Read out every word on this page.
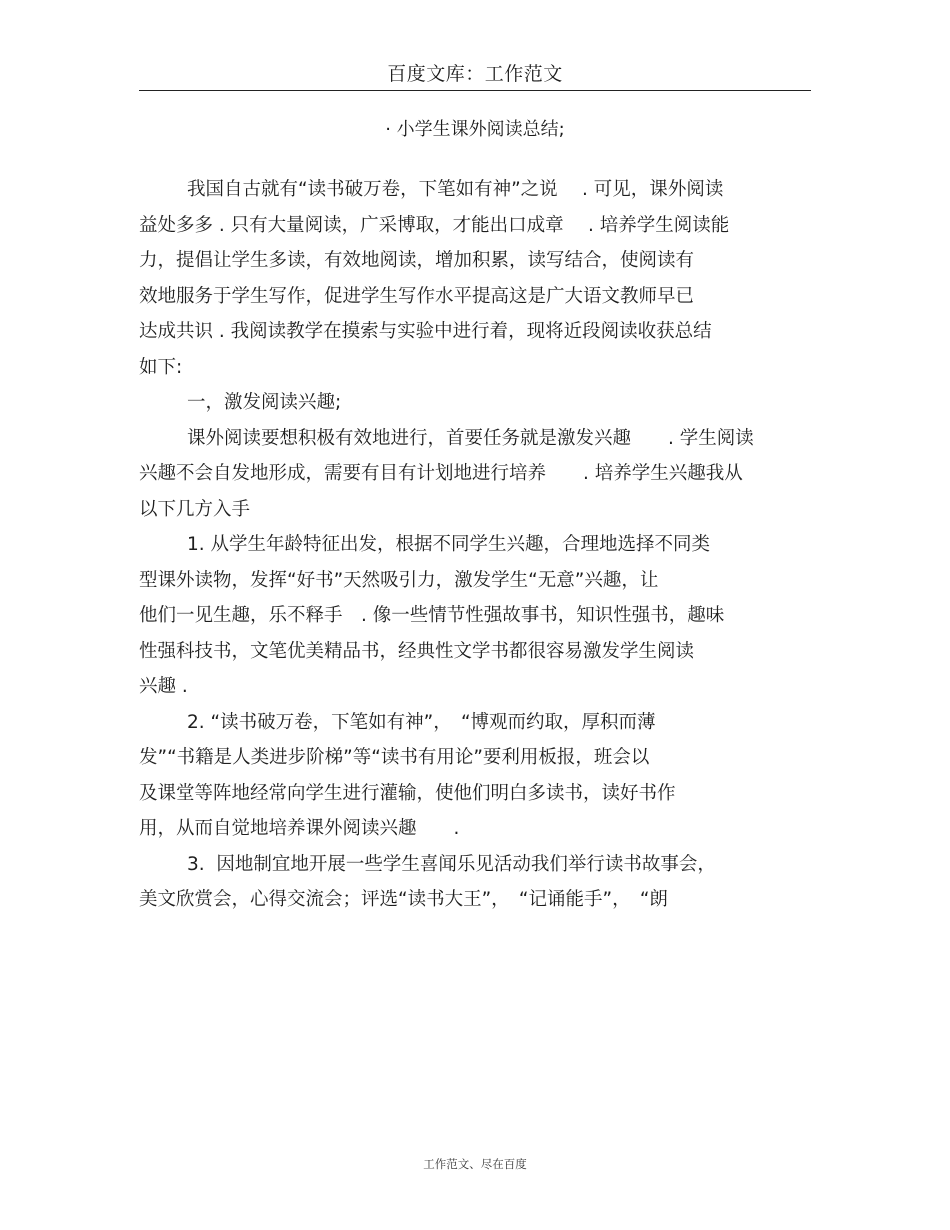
百度文库：工作范文
· 小学生课外阅读总结;
我国自古就有“读书破万卷，下笔如有神”之说　 . 可见，课外阅读
益处多多 . 只有大量阅读，广采博取，才能出口成章　 . 培养学生阅读能
力，提倡让学生多读，有效地阅读，增加积累，读写结合，使阅读有
效地服务于学生写作，促进学生写作水平提高这是广大语文教师早已
达成共识 . 我阅读教学在摸索与实验中进行着，现将近段阅读收获总结
如下:
一，激发阅读兴趣;
课外阅读要想积极有效地进行，首要任务就是激发兴趣　　. 学生阅读
兴趣不会自发地形成，需要有目有计划地进行培养　　. 培养学生兴趣我从
以下几方入手
1. 从学生年龄特征出发，根据不同学生兴趣，合理地选择不同类
型课外读物，发挥“好书”天然吸引力，激发学生“无意”兴趣，让
他们一见生趣，乐不释手　. 像一些情节性强故事书，知识性强书，趣味
性强科技书，文笔优美精品书，经典性文学书都很容易激发学生阅读
兴趣 .
2. “读书破万卷，下笔如有神”，　“博观而约取，厚积而薄
发”“书籍是人类进步阶梯”等“读书有用论”要利用板报，班会以
及课堂等阵地经常向学生进行灌输，使他们明白多读书，读好书作
用，从而自觉地培养课外阅读兴趣　　.
3.  因地制宜地开展一些学生喜闻乐见活动我们举行读书故事会，
美文欣赏会，心得交流会；评选“读书大王”，　“记诵能手”，　“朗
工作范文、尽在百度
